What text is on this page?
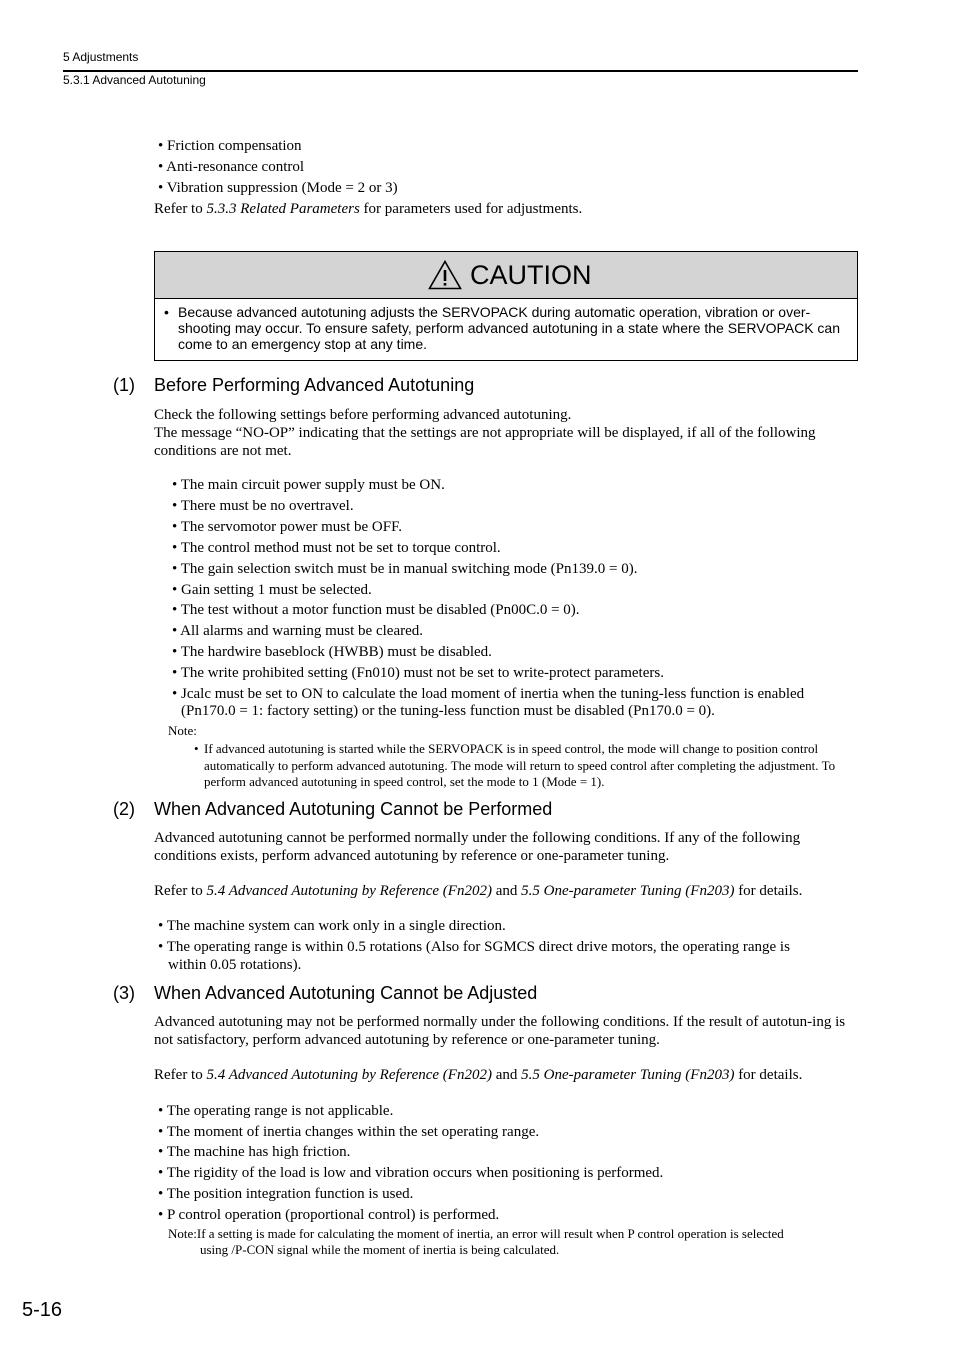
5 Adjustments
5.3.1 Advanced Autotuning
• Friction compensation
• Anti-resonance control
• Vibration suppression (Mode = 2 or 3)
Refer to 5.3.3 Related Parameters for parameters used for adjustments.
CAUTION
• Because advanced autotuning adjusts the SERVOPACK during automatic operation, vibration or over-shooting may occur. To ensure safety, perform advanced autotuning in a state where the SERVOPACK can come to an emergency stop at any time.
(1) Before Performing Advanced Autotuning
Check the following settings before performing advanced autotuning.
The message “NO-OP” indicating that the settings are not appropriate will be displayed, if all of the following conditions are not met.
• The main circuit power supply must be ON.
• There must be no overtravel.
• The servomotor power must be OFF.
• The control method must not be set to torque control.
• The gain selection switch must be in manual switching mode (Pn139.0 = 0).
• Gain setting 1 must be selected.
• The test without a motor function must be disabled (Pn00C.0 = 0).
• All alarms and warning must be cleared.
• The hardwire baseblock (HWBB) must be disabled.
• The write prohibited setting (Fn010) must not be set to write-protect parameters.
• Jcalc must be set to ON to calculate the load moment of inertia when the tuning-less function is enabled
(Pn170.0 = 1: factory setting) or the tuning-less function must be disabled (Pn170.0 = 0).
Note:
• If advanced autotuning is started while the SERVOPACK is in speed control, the mode will change to position control automatically to perform advanced autotuning. The mode will return to speed control after completing the adjustment. To perform advanced autotuning in speed control, set the mode to 1 (Mode = 1).
(2) When Advanced Autotuning Cannot be Performed
Advanced autotuning cannot be performed normally under the following conditions. If any of the following conditions exists, perform advanced autotuning by reference or one-parameter tuning.
Refer to 5.4 Advanced Autotuning by Reference (Fn202) and 5.5 One-parameter Tuning (Fn203) for details.
• The machine system can work only in a single direction.
• The operating range is within 0.5 rotations (Also for SGMCS direct drive motors, the operating range is
within 0.05 rotations).
(3) When Advanced Autotuning Cannot be Adjusted
Advanced autotuning may not be performed normally under the following conditions. If the result of autotun-ing is not satisfactory, perform advanced autotuning by reference or one-parameter tuning.
Refer to 5.4 Advanced Autotuning by Reference (Fn202) and 5.5 One-parameter Tuning (Fn203) for details.
• The operating range is not applicable.
• The moment of inertia changes within the set operating range.
• The machine has high friction.
• The rigidity of the load is low and vibration occurs when positioning is performed.
• The position integration function is used.
• P control operation (proportional control) is performed.
Note:If a setting is made for calculating the moment of inertia, an error will result when P control operation is selected
using /P-CON signal while the moment of inertia is being calculated.
5-16
